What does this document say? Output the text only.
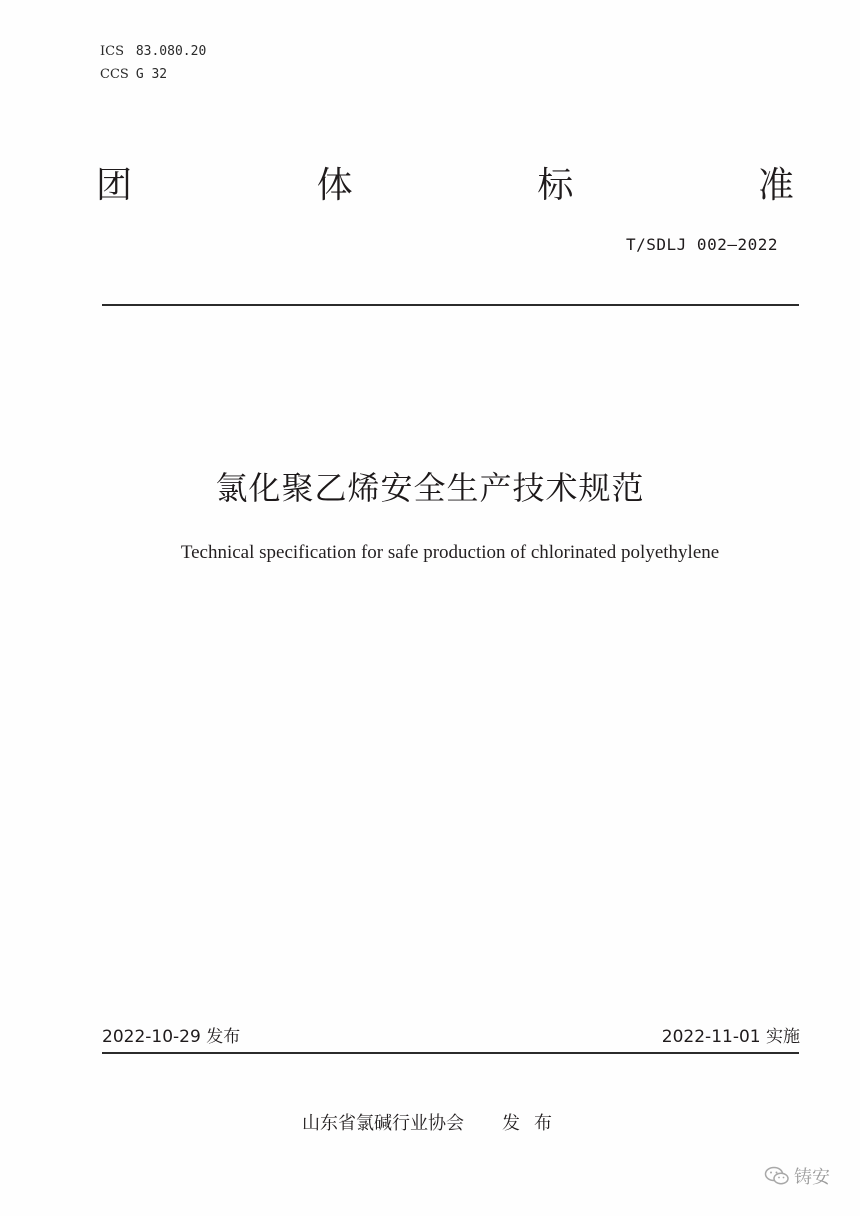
ICS 83.080.20
CCS G 32
团	体	标	准
T/SDLJ 002—2022
氯化聚乙烯安全生产技术规范
Technical specification for safe production of chlorinated polyethylene
2022-10-29 发布	2022-11-01 实施
山东省氯碱行业协会 发布
铸安
